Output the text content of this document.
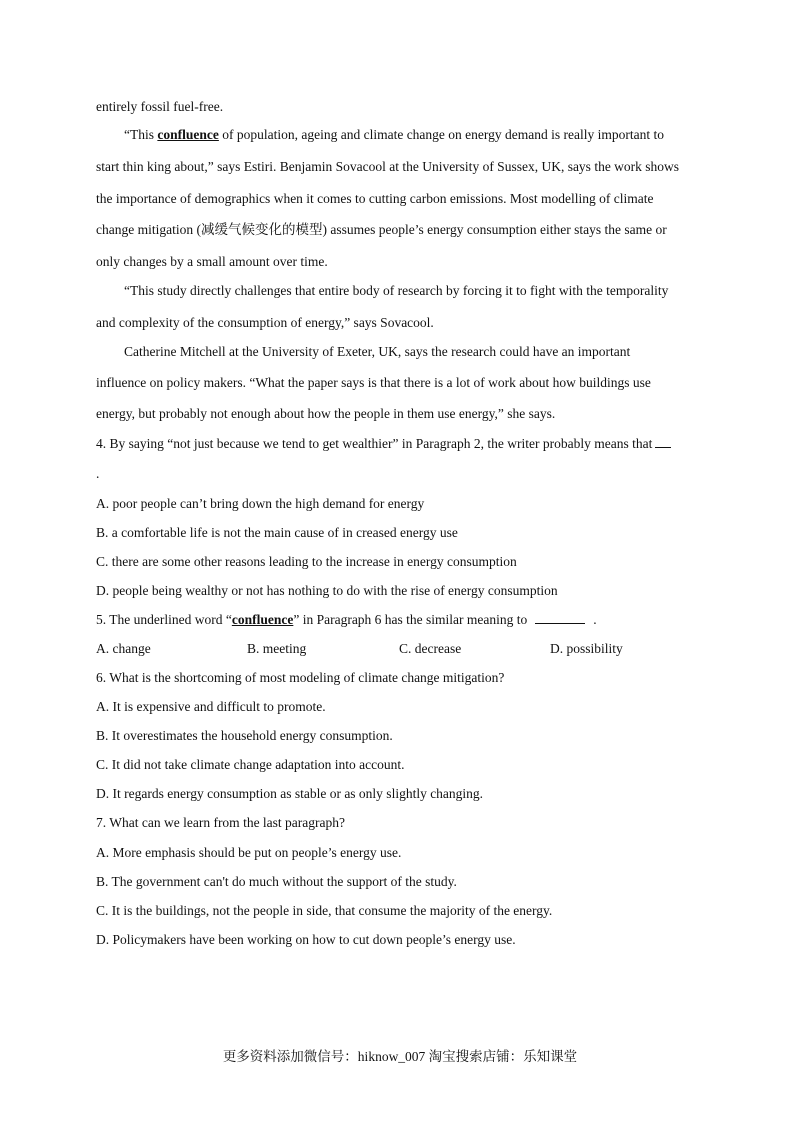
entirely fossil fuel-free.
“This confluence of population, ageing and climate change on energy demand is really important to
start thin king about,” says Estiri. Benjamin Sovacool at the University of Sussex, UK, says the work shows
the importance of demographics when it comes to cutting carbon emissions. Most modelling of climate
change mitigation (减缓气候变化的模型) assumes people’s energy consumption either stays the same or
only changes by a small amount over time.
“This study directly challenges that entire body of research by forcing it to fight with the temporality
and complexity of the consumption of energy,” says Sovacool.
Catherine Mitchell at the University of Exeter, UK, says the research could have an important
influence on policy makers. “What the paper says is that there is a lot of work about how buildings use
energy, but probably not enough about how the people in them use energy,” she says.
4. By saying “not just because we tend to get wealthier” in Paragraph 2, the writer probably means that
.
A. poor people can’t bring down the high demand for energy
B. a comfortable life is not the main cause of in creased energy use
C. there are some other reasons leading to the increase in energy consumption
D. people being wealthy or not has nothing to do with the rise of energy consumption
5. The underlined word “confluence” in Paragraph 6 has the similar meaning to	.
A. change	B. meeting	C. decrease	D. possibility
6. What is the shortcoming of most modeling of climate change mitigation?
A. It is expensive and difficult to promote.
B. It overestimates the household energy consumption.
C. It did not take climate change adaptation into account.
D. It regards energy consumption as stable or as only slightly changing.
7. What can we learn from the last paragraph?
A. More emphasis should be put on people’s energy use.
B. The government can't do much without the support of the study.
C. It is the buildings, not the people in side, that consume the majority of the energy.
D. Policymakers have been working on how to cut down people’s energy use.
更多资料添加微信号：hiknow_007 淘宝搜索店铺：乐知课堂
